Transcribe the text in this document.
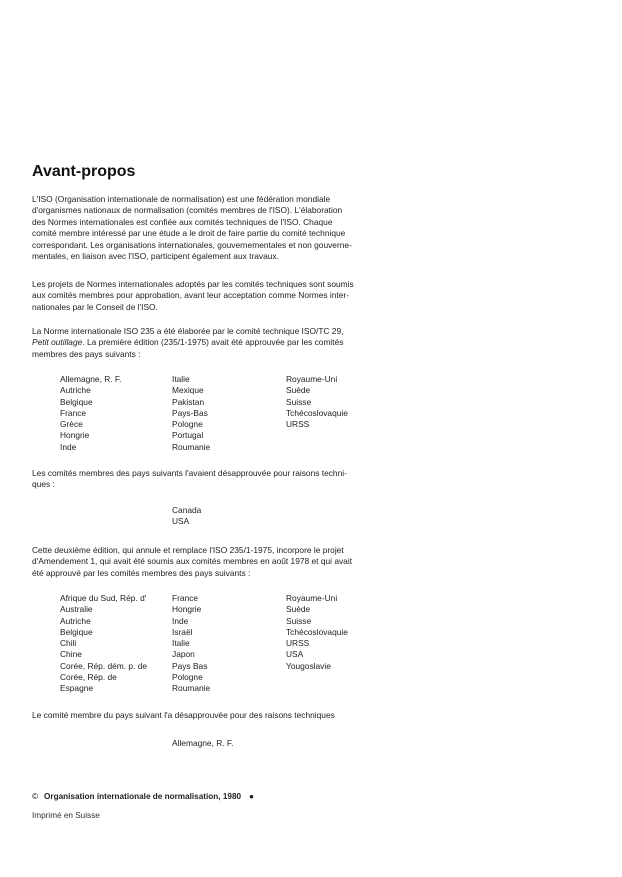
Avant-propos

L'ISO (Organisation internationale de normalisation) est une fédération mondiale
d'organismes nationaux de normalisation (comités membres de l'ISO). L'élaboration
des Normes internationales est confiée aux comités techniques de l'ISO. Chaque
comité membre intéressé par une étude a le droit de faire partie du comité technique
correspondant. Les organisations internationales, gouvernementales et non gouverne-
mentales, en liaison avec l'ISO, participent également aux travaux.

Les projets de Normes internationales adoptés par les comités techniques sont soumis
aux comités membres pour approbation, avant leur acceptation comme Normes inter-
nationales par le Conseil de l'ISO.

La Norme internationale ISO 235 a été élaborée par le comité technique ISO/TC 29,
Petit outillage. La première édition (235/1-1975) avait été approuvée par les comités
membres des pays suivants :

Allemagne, R. F.
Autriche
Belgique
France
Grèce
Hongrie
Inde
Italie
Mexique
Pakistan
Pays-Bas
Pologne
Portugal
Roumanie
Royaume-Uni
Suède
Suisse
Tchécoslovaquie
URSS

Les comités membres des pays suivants l'avaient désapprouvée pour raisons techni-
ques :

Canada
USA

Cette deuxième édition, qui annule et remplace l'ISO 235/1-1975, incorpore le projet
d'Amendement 1, qui avait été soumis aux comités membres en août 1978 et qui avait
été approuvé par les comités membres des pays suivants :

Afrique du Sud, Rép. d'
Australie
Autriche
Belgique
Chili
Chine
Corée, Rép. dém. p. de
Corée, Rép. de
Espagne
France
Hongrie
Inde
Israël
Italie
Japon
Pays Bas
Pologne
Roumanie
Royaume-Uni
Suède
Suisse
Tchécoslovaquie
URSS
USA
Yougoslavie
Le comité membre du pays suivant l'a désapprouvée pour des raisons techniques
Allemagne, R. F.
© Organisation internationale de normalisation, 1980 ●
Imprimé en Suisse
